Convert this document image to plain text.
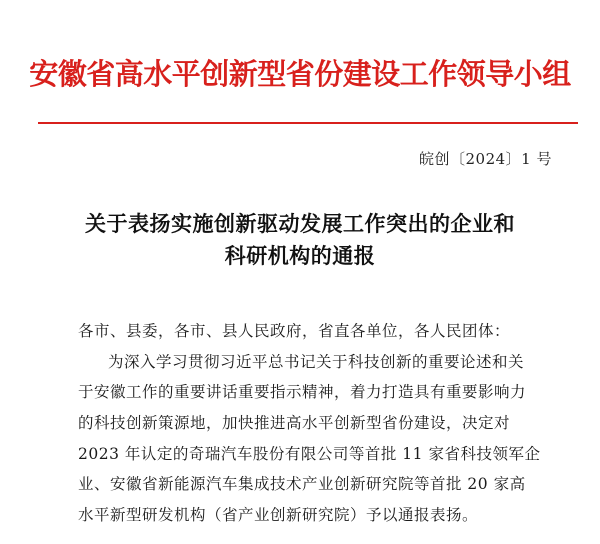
安徽省高水平创新型省份建设工作领导小组
皖创〔2024〕1 号
关于表扬实施创新驱动发展工作突出的企业和
科研机构的通报
各市、县委，各市、县人民政府，省直各单位，各人民团体：
为深入学习贯彻习近平总书记关于科技创新的重要论述和关
于安徽工作的重要讲话重要指示精神，着力打造具有重要影响力
的科技创新策源地，加快推进高水平创新型省份建设，决定对
2023 年认定的奇瑞汽车股份有限公司等首批 11 家省科技领军企
业、安徽省新能源汽车集成技术产业创新研究院等首批 20 家高
水平新型研发机构（省产业创新研究院）予以通报表扬。
